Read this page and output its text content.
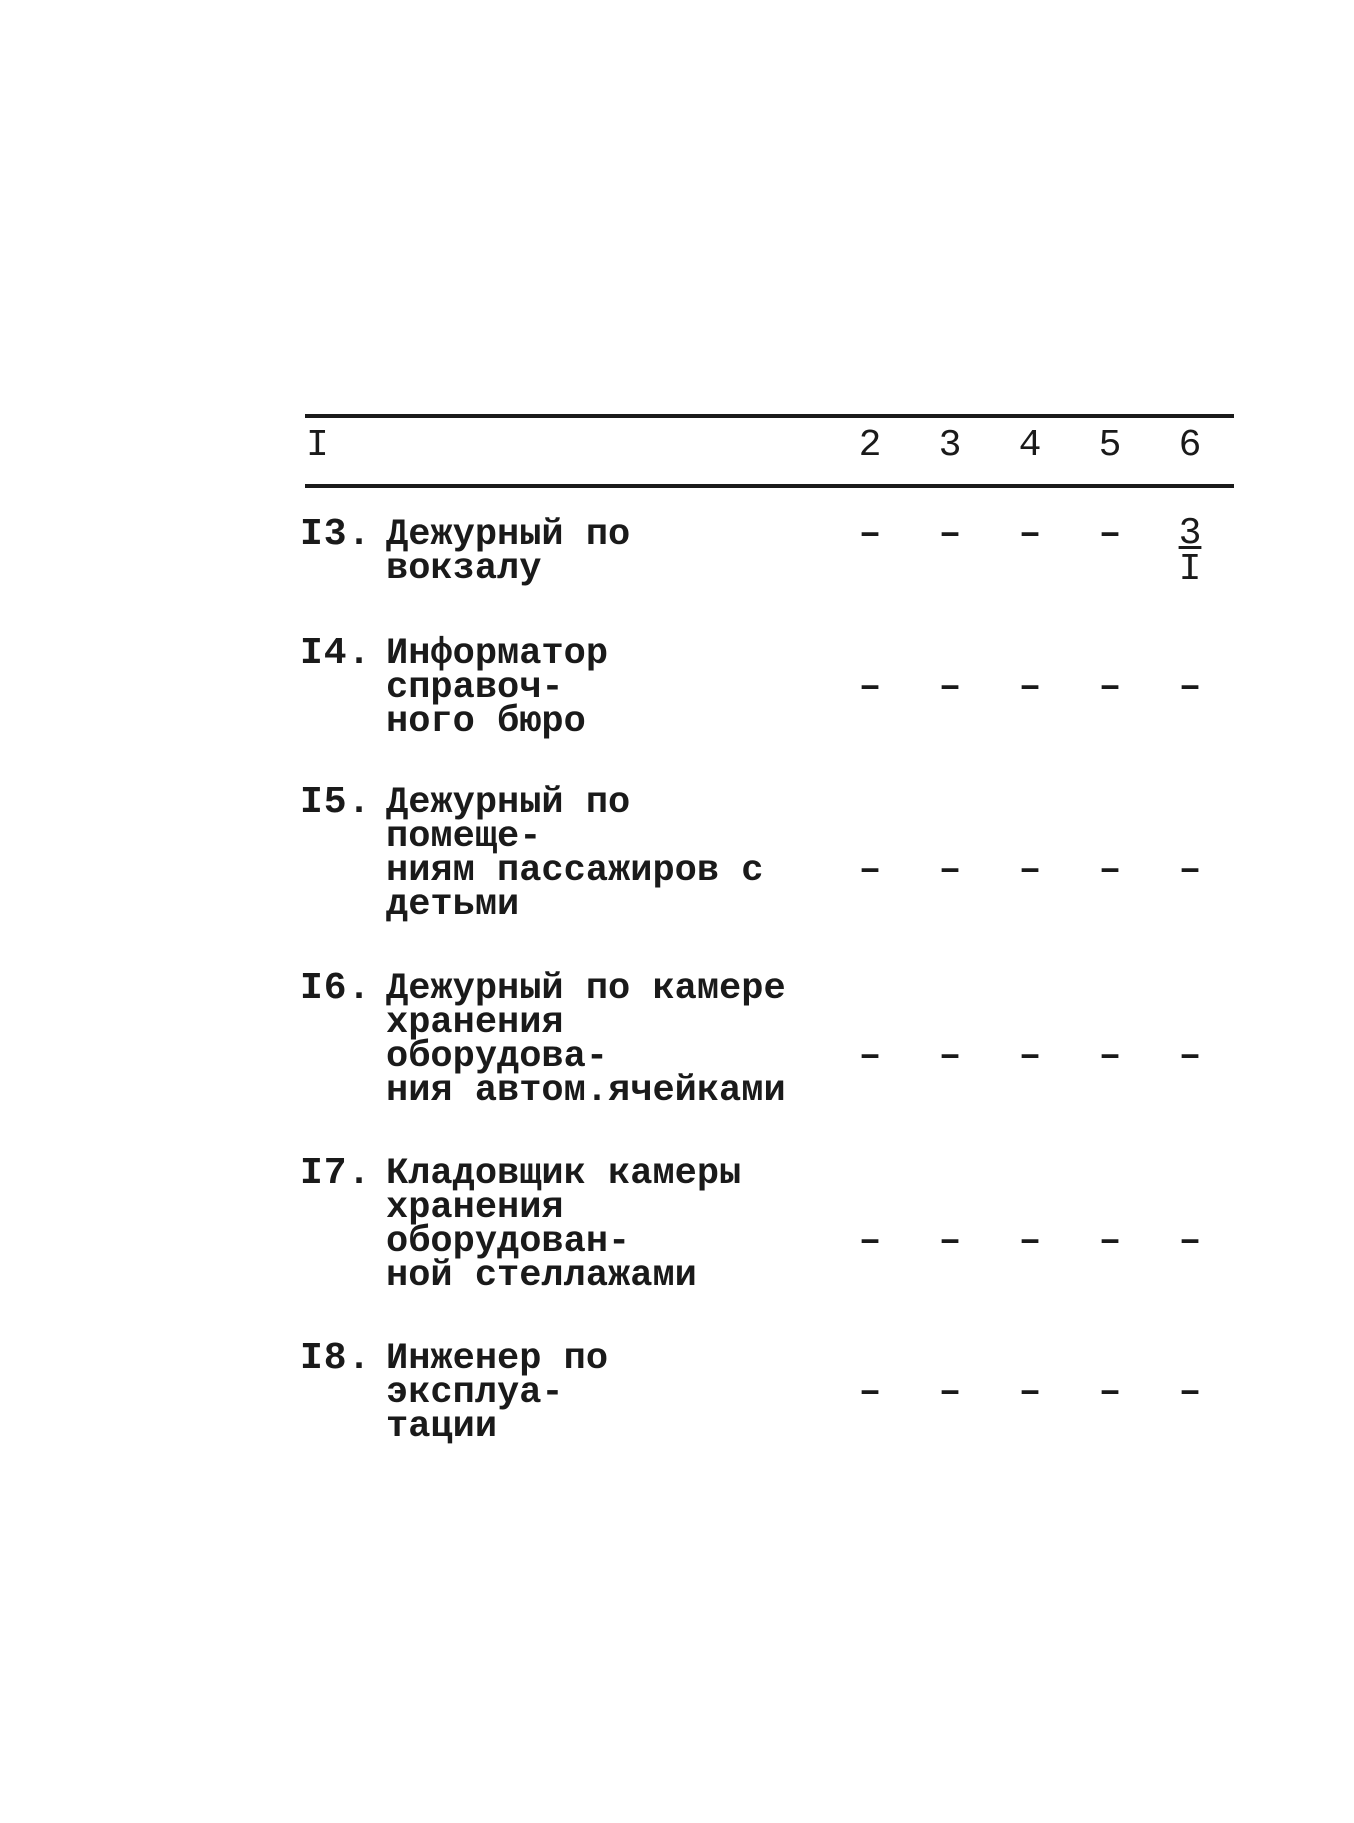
I	2 3 4 5 6
I3. Дежурный по вокзалу
– – – – $\frac{3}{I}$
I4. Информатор справоч-
ного бюро
– – – – –
I5. Дежурный по помеще-
ниям пассажиров с
детьми
– – – – –
I6. Дежурный по камере
хранения оборудова-
ния автом.ячейками
– – – – –
I7. Кладовщик камеры
хранения оборудован-
ной стеллажами
– – – – –
I8. Инженер по эксплуа-
тации
– – – – –
